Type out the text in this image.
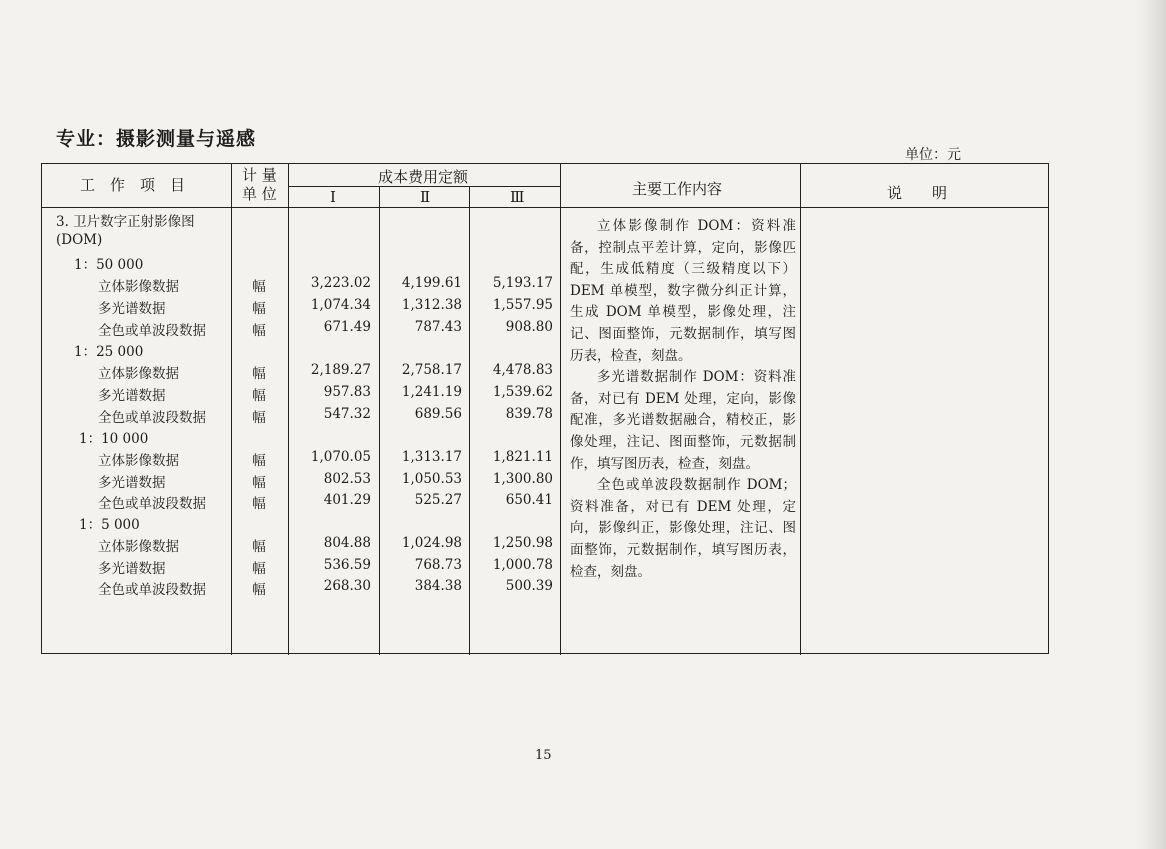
专业：摄影测量与遥感
单位：元
工　作　项　目
计 量
单 位
成本费用定额
Ⅰ	Ⅱ	Ⅲ	主要工作内容	说　　明
3. 卫片数字正射影像图
(DOM)
1：50 000
立体影像数据	幅	3,223.02	4,199.61	5,193.17
多光谱数据	幅	1,074.34	1,312.38	1,557.95
全色或单波段数据	幅	671.49	787.43	908.80
1：25 000
立体影像数据	幅	2,189.27	2,758.17	4,478.83
多光谱数据	幅	957.83	1,241.19	1,539.62
全色或单波段数据	幅	547.32	689.56	839.78
1：10 000
立体影像数据	幅	1,070.05	1,313.17	1,821.11
多光谱数据	幅	802.53	1,050.53	1,300.80
全色或单波段数据	幅	401.29	525.27	650.41
1：5 000
立体影像数据	幅	804.88	1,024.98	1,250.98
多光谱数据	幅	536.59	768.73	1,000.78
全色或单波段数据	幅	268.30	384.38	500.39

立体影像制作 DOM：资料准备，控制点平差计算，定向，影像匹配，生成低精度（三级精度以下）DEM 单模型，数字微分纠正计算，生成 DOM 单模型，影像处理，注记、图面整饰，元数据制作，填写图历表，检查，刻盘。

多光谱数据制作 DOM：资料准备，对已有 DEM 处理，定向，影像配准，多光谱数据融合，精校正，影像处理，注记、图面整饰，元数据制作，填写图历表，检查，刻盘。

全色或单波段数据制作 DOM；资料准备，对已有 DEM 处理，定向，影像纠正，影像处理，注记、图面整饰，元数据制作，填写图历表，检查，刻盘。

15
